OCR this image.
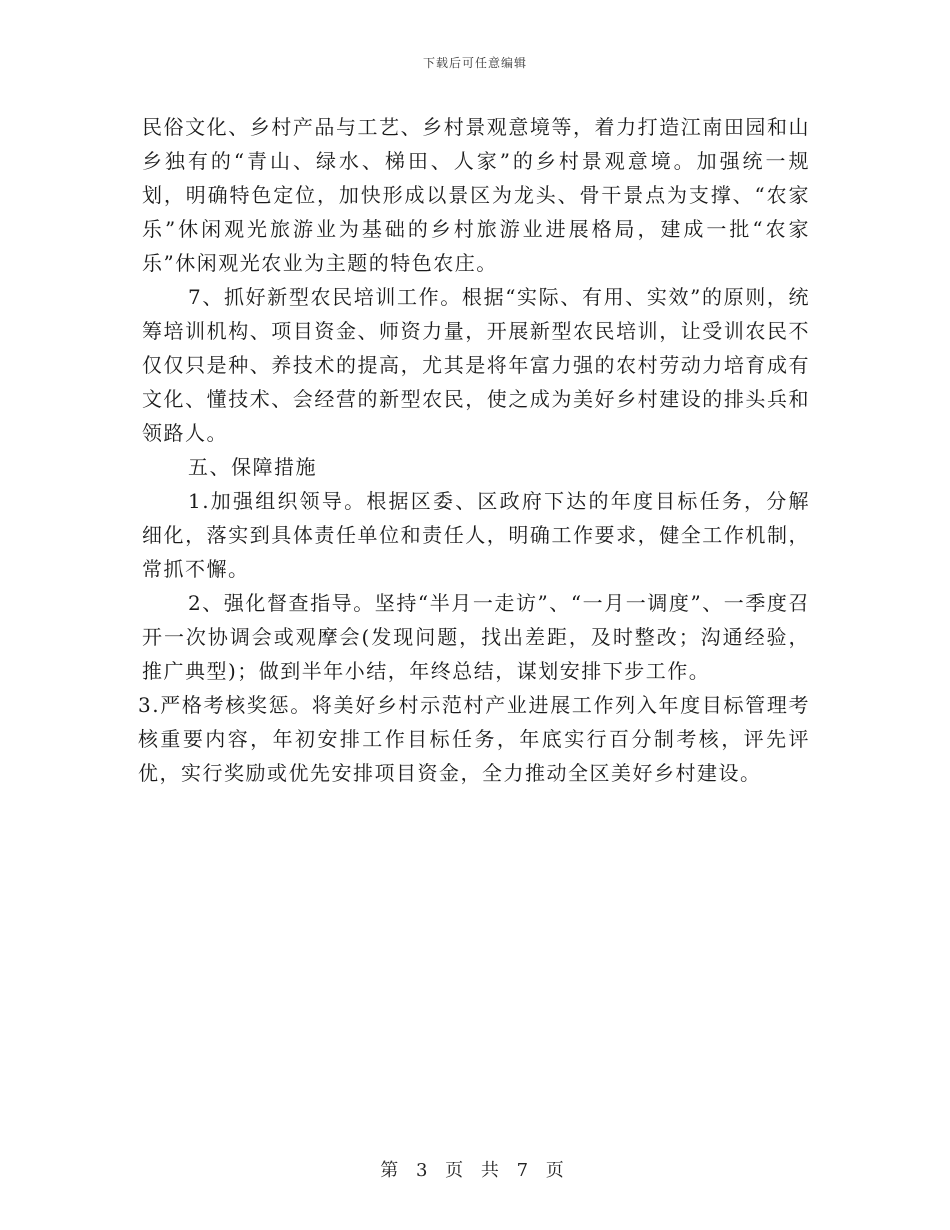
下载后可任意编辑

民俗文化、乡村产品与工艺、乡村景观意境等，着力打造江南田园和山乡独有的“青山、绿水、梯田、人家”的乡村景观意境。加强统一规划，明确特色定位，加快形成以景区为龙头、骨干景点为支撑、“农家乐”休闲观光旅游业为基础的乡村旅游业进展格局，建成一批“农家乐”休闲观光农业为主题的特色农庄。

7、抓好新型农民培训工作。根据“实际、有用、实效”的原则，统筹培训机构、项目资金、师资力量，开展新型农民培训，让受训农民不仅仅只是种、养技术的提高，尤其是将年富力强的农村劳动力培育成有文化、懂技术、会经营的新型农民，使之成为美好乡村建设的排头兵和领路人。

五、保障措施

1.加强组织领导。根据区委、区政府下达的年度目标任务，分解细化，落实到具体责任单位和责任人，明确工作要求，健全工作机制，常抓不懈。

2、强化督查指导。坚持“半月一走访”、“一月一调度”、一季度召开一次协调会或观摩会(发现问题，找出差距，及时整改；沟通经验，推广典型)；做到半年小结，年终总结，谋划安排下步工作。

3.严格考核奖惩。将美好乡村示范村产业进展工作列入年度目标管理考核重要内容，年初安排工作目标任务，年底实行百分制考核，评先评优，实行奖励或优先安排项目资金，全力推动全区美好乡村建设。

第 3 页 共 7 页
